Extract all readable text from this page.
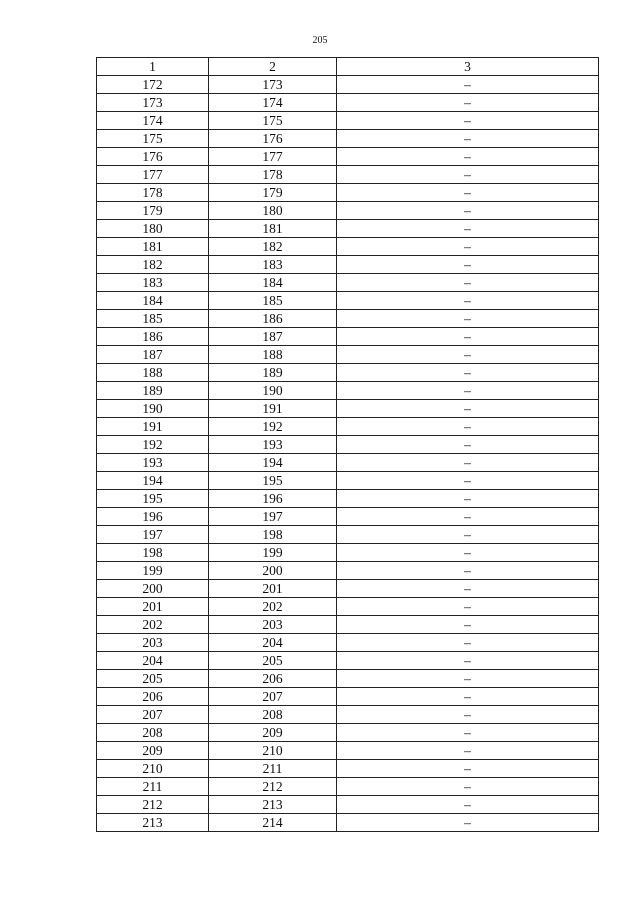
205
1	2	3
172	173	–
173	174	–
174	175	–
175	176	–
176	177	–
177	178	–
178	179	–
179	180	–
180	181	–
181	182	–
182	183	–
183	184	–
184	185	–
185	186	–
186	187	–
187	188	–
188	189	–
189	190	–
190	191	–
191	192	–
192	193	–
193	194	–
194	195	–
195	196	–
196	197	–
197	198	–
198	199	–
199	200	–
200	201	–
201	202	–
202	203	–
203	204	–
204	205	–
205	206	–
206	207	–
207	208	–
208	209	–
209	210	–
210	211	–
211	212	–
212	213	–
213	214	–
